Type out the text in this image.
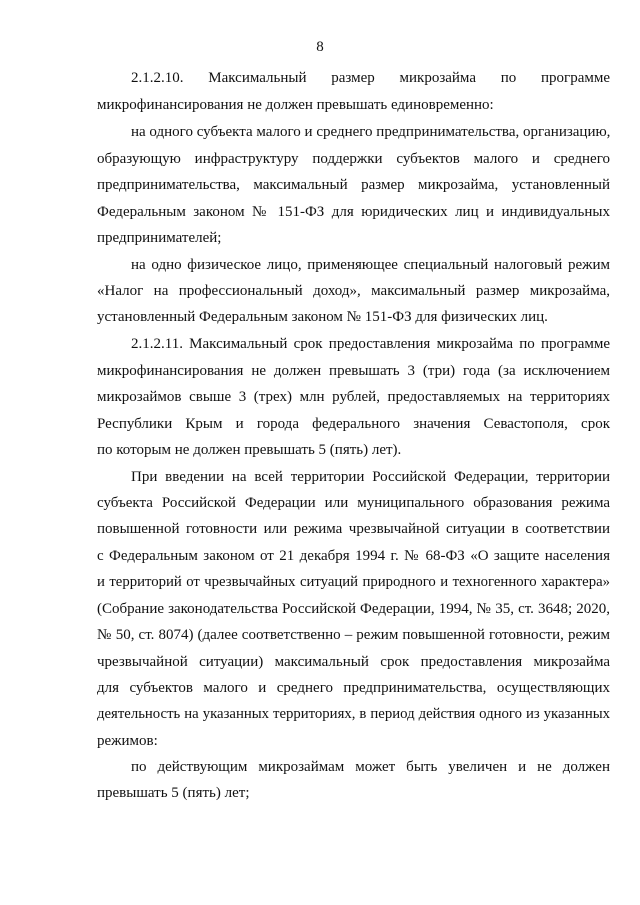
8
2.1.2.10. Максимальный размер микрозайма по программе
микрофинансирования не должен превышать единовременно:
на одного субъекта малого и среднего предпринимательства, организацию,
образующую инфраструктуру поддержки субъектов малого и среднего
предпринимательства, максимальный размер микрозайма, установленный
Федеральным законом № 151-ФЗ для юридических лиц и индивидуальных
предпринимателей;
на одно физическое лицо, применяющее специальный налоговый режим
«Налог на профессиональный доход», максимальный размер микрозайма,
установленный Федеральным законом № 151-ФЗ для физических лиц.
2.1.2.11. Максимальный срок предоставления микрозайма по программе
микрофинансирования не должен превышать 3 (три) года (за исключением
микрозаймов свыше 3 (трех) млн рублей, предоставляемых на территориях
Республики Крым и города федерального значения Севастополя, срок
по которым не должен превышать 5 (пять) лет).
При введении на всей территории Российской Федерации, территории
субъекта Российской Федерации или муниципального образования режима
повышенной готовности или режима чрезвычайной ситуации в соответствии
с Федеральным законом от 21 декабря 1994 г. № 68-ФЗ «О защите населения
и территорий от чрезвычайных ситуаций природного и техногенного характера»
(Собрание законодательства Российской Федерации, 1994, № 35, ст. 3648; 2020,
№ 50, ст. 8074) (далее соответственно – режим повышенной готовности, режим
чрезвычайной ситуации) максимальный срок предоставления микрозайма
для субъектов малого и среднего предпринимательства, осуществляющих
деятельность на указанных территориях, в период действия одного из указанных
режимов:
по действующим микрозаймам может быть увеличен и не должен
превышать 5 (пять) лет;
